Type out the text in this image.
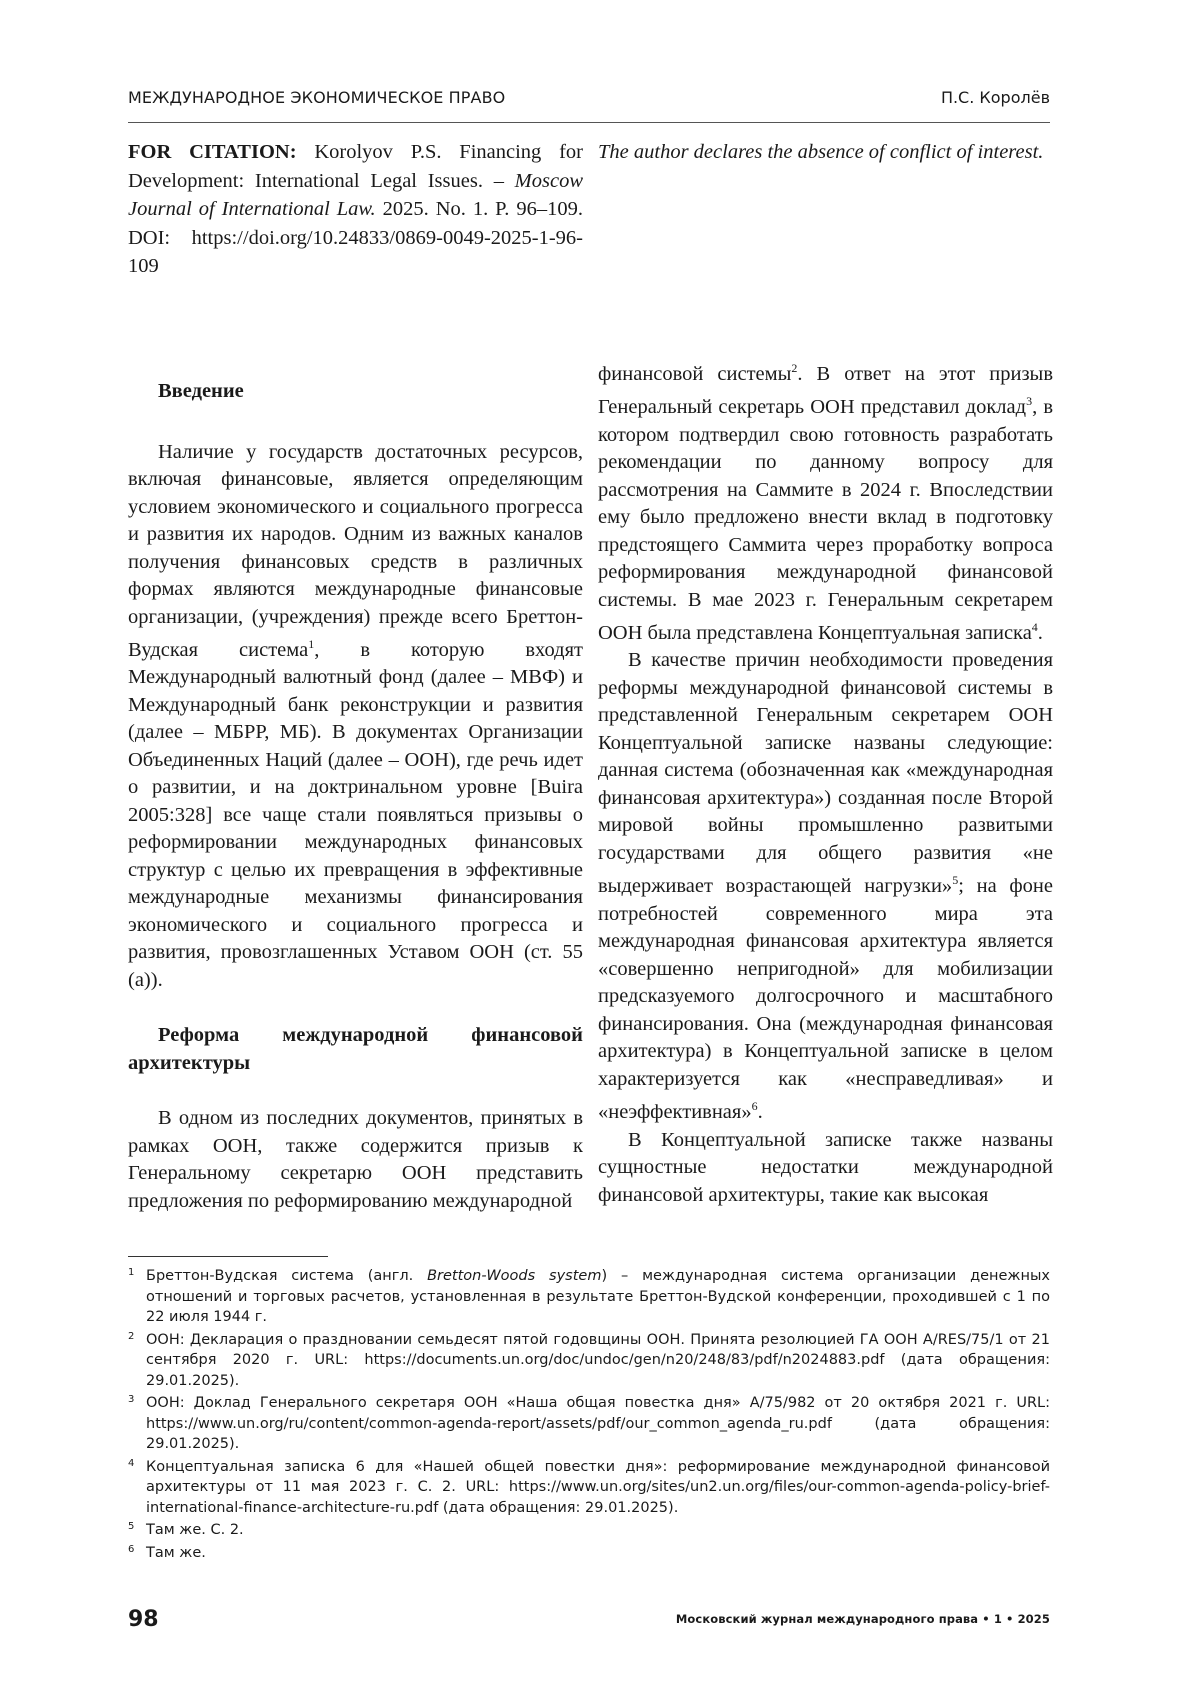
МЕЖДУНАРОДНОЕ ЭКОНОМИЧЕСКОЕ ПРАВО	П.С. Королёв
FOR CITATION: Korolyov P.S. Financing for Development: International Legal Issues. – Moscow Journal of International Law. 2025. No. 1. P. 96–109. DOI: https://doi.org/10.24833/0869-0049-2025-1-96-109
The author declares the absence of conflict of interest.
Введение

Наличие у государств достаточных ресурсов, включая финансовые, является определяющим условием экономического и социального прогресса и развития их народов. Одним из важных каналов получения финансовых средств в различных формах являются международные финансовые организации, (учреждения) прежде всего Бреттон-Вудская система$^1$, в которую входят Международный валютный фонд (далее – МВФ) и Международный банк реконструкции и развития (далее – МБРР, МБ). В документах Организации Объединенных Наций (далее – ООН), где речь идет о развитии, и на доктринальном уровне [Buira 2005:328] все чаще стали появляться призывы о реформировании международных финансовых структур с целью их превращения в эффективные международные механизмы финансирования экономического и социального прогресса и развития, провозглашенных Уставом ООН (ст. 55 (a)).

Реформа международной финансовой архитектуры

В одном из последних документов, принятых в рамках ООН, также содержится призыв к Генеральному секретарю ООН представить предложения по реформированию международной

финансовой системы$^2$. В ответ на этот призыв Генеральный секретарь ООН представил доклад$^3$, в котором подтвердил свою готовность разработать рекомендации по данному вопросу для рассмотрения на Саммите в 2024 г. Впоследствии ему было предложено внести вклад в подготовку предстоящего Саммита через проработку вопроса реформирования международной финансовой системы. В мае 2023 г. Генеральным секретарем ООН была представлена Концептуальная записка$^4$.

В качестве причин необходимости проведения реформы международной финансовой системы в представленной Генеральным секретарем ООН Концептуальной записке названы следующие: данная система (обозначенная как «международная финансовая архитектура») созданная после Второй мировой войны промышленно развитыми государствами для общего развития «не выдерживает возрастающей нагрузки»$^5$; на фоне потребностей современного мира эта международная финансовая архитектура является «совершенно непригодной» для мобилизации предсказуемого долгосрочного и масштабного финансирования. Она (международная финансовая архитектура) в Концептуальной записке в целом характеризуется как «несправедливая» и «неэффективная»$^6$.

В Концептуальной записке также названы сущностные недостатки международной финансовой архитектуры, такие как высокая

1 Бреттон-Вудская система (англ. Bretton-Woods system) – международная система организации денежных отношений и торговых расчетов, установленная в результате Бреттон-Вудской конференции, проходившей с 1 по 22 июля 1944 г.
2 ООН: Декларация о праздновании семьдесят пятой годовщины ООН. Принята резолюцией ГА ООН A/RES/75/1 от 21 сентября 2020 г. URL: https://documents.un.org/doc/undoc/gen/n20/248/83/pdf/n2024883.pdf (дата обращения: 29.01.2025).
3 ООН: Доклад Генерального секретаря ООН «Наша общая повестка дня» A/75/982 от 20 октября 2021 г. URL: https://www.un.org/ru/content/common-agenda-report/assets/pdf/our_common_agenda_ru.pdf (дата обращения: 29.01.2025).
4 Концептуальная записка 6 для «Нашей общей повестки дня»: реформирование международной финансовой архитектуры от 11 мая 2023 г. С. 2. URL: https://www.un.org/sites/un2.un.org/files/our-common-agenda-policy-brief-international-finance-architecture-ru.pdf (дата обращения: 29.01.2025).
5 Там же. С. 2.
6 Там же.
98	Московский журнал международного права • 1 • 2025
